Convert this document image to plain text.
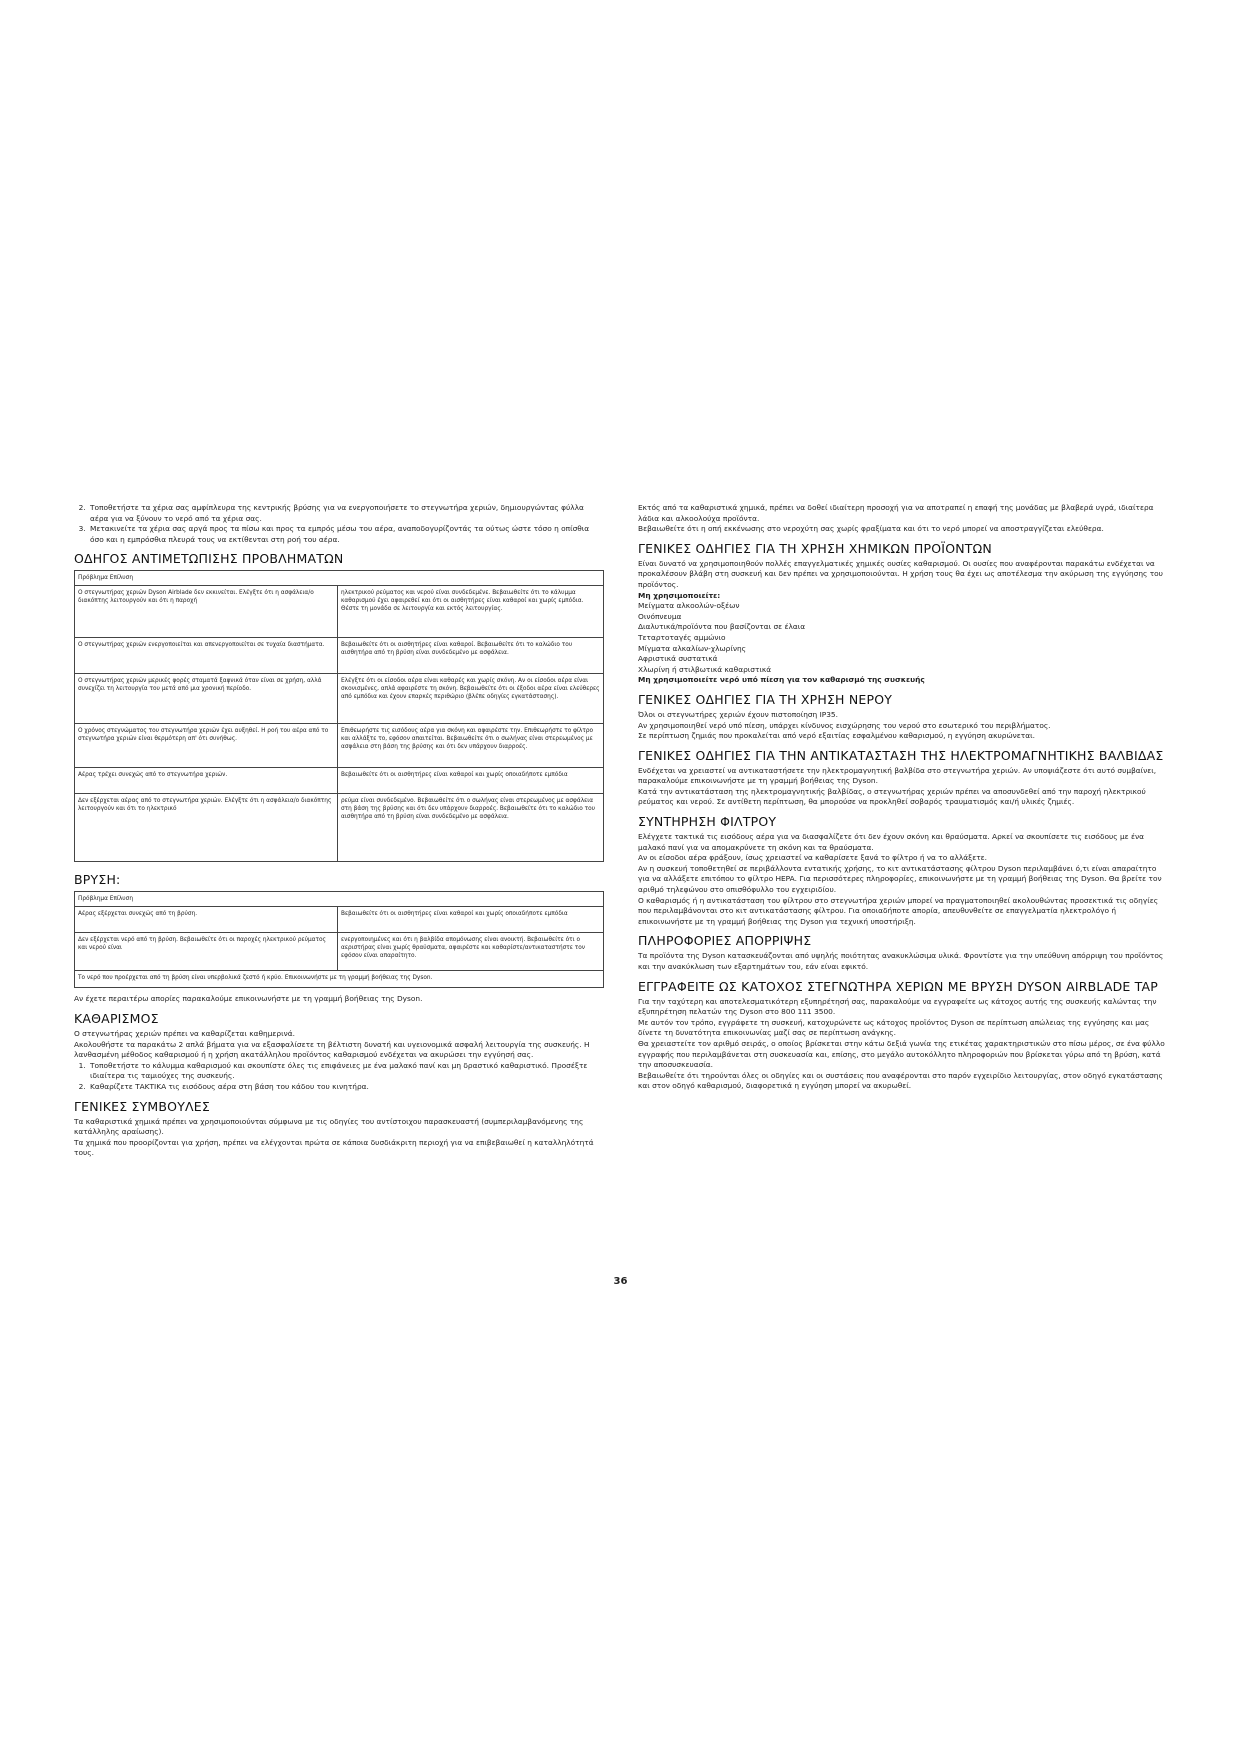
2. Τοποθετήστε τα χέρια σας αμφίπλευρα της κεντρικής βρύσης για να ενεργοποιήσετε το στεγνωτήρα χεριών, δημιουργώντας φύλλα αέρα για να ξύνουν το νερό από τα χέρια σας.
3. Μετακινείτε τα χέρια σας αργά προς τα πίσω και προς τα εμπρός μέσω του αέρα, αναποδογυρίζοντάς τα ούτως ώστε τόσο η οπίσθια όσο και η εμπρόσθια πλευρά τους να εκτίθενται στη ροή του αέρα.
ΟΔΗΓΟΣ ΑΝΤΙΜΕΤΩΠΙΣΗΣ ΠΡΟΒΛΗΜΑΤΩΝ
Πρόβλημα Επίλυση	
Ο στεγνωτήρας χεριών Dyson Airblade δεν εκκινείται. Ελέγξτε ότι η ασφάλεια/ο διακόπτης λειτουργούν και ότι η παροχή	ηλεκτρικού ρεύματος και νερού είναι συνδεδεμένε. Βεβαιωθείτε ότι το κάλυμμα καθαρισμού έχει αφαιρεθεί και ότι οι αισθητήρες είναι καθαροί και χωρίς εμπόδια. Θέστε τη μονάδα σε λειτουργία και εκτός λειτουργίας.
Ο στεγνωτήρας χεριών ενεργοποιείται και απενεργοποιείται σε τυχαία διαστήματα.	Βεβαιωθείτε ότι οι αισθητήρες είναι καθαροί. Βεβαιωθείτε ότι το καλώδιο του αισθητήρα από τη βρύση είναι συνδεδεμένο με ασφάλεια.
Ο στεγνωτήρας χεριών μερικές φορές σταματά ξαφνικά όταν είναι σε χρήση, αλλά συνεχίζει τη λειτουργία του μετά από μια χρονική περίοδο.	Ελέγξτε ότι οι είσοδοι αέρα είναι καθαρές και χωρίς σκόνη. Αν οι είσοδοι αέρα είναι σκονισμένες, απλά αφαιρέστε τη σκόνη. Βεβαιωθείτε ότι οι έξοδοι αέρα είναι ελεύθερες από εμπόδια και έχουν επαρκές περιθώριο (βλέπε οδηγίες εγκατάστασης).
Ο χρόνος στεγνώματος του στεγνωτήρα χεριών έχει αυξηθεί. Η ροή του αέρα από το στεγνωτήρα χεριών είναι θερμότερη απ' ότι συνήθως.	Επιθεωρήστε τις εισόδους αέρα για σκόνη και αφαιρέστε την. Επιθεωρήστε το φίλτρο και αλλάξτε το, εφόσον απαιτείται. Βεβαιωθείτε ότι ο σωλήνας είναι στερεωμένος με ασφάλεια στη βάση της βρύσης και ότι δεν υπάρχουν διαρροές.
Αέρας τρέχει συνεχώς από το στεγνωτήρα χεριών.	Βεβαιωθείτε ότι οι αισθητήρες είναι καθαροί και χωρίς οποιαδήποτε εμπόδια
Δεν εξέρχεται αέρας από το στεγνωτήρα χεριών. Ελέγξτε ότι η ασφάλεια/ο διακόπτης λειτουργούν και ότι το ηλεκτρικό	ρεύμα είναι συνδεδεμένο. Βεβαιωθείτε ότι ο σωλήνας είναι στερεωμένος με ασφάλεια στη βάση της βρύσης και ότι δεν υπάρχουν διαρροές. Βεβαιωθείτε ότι το καλώδιο του αισθητήρα από τη βρύση είναι συνδεδεμένο με ασφάλεια.
ΒΡΥΣΗ:
Πρόβλημα Επίλυση	
Αέρας εξέρχεται συνεχώς από τη βρύση.	Βεβαιωθείτε ότι οι αισθητήρες είναι καθαροί και χωρίς οποιαδήποτε εμπόδια
Δεν εξέρχεται νερό από τη βρύση. Βεβαιωθείτε ότι οι παροχές ηλεκτρικού ρεύματος και νερού είναι	ενεργοποιημένες και ότι η βαλβίδα απομόνωσης είναι ανοικτή. Βεβαιωθείτε ότι ο αεριστήρας είναι χωρίς θραύσματα, αφαιρέστε και καθαρίστε/αντικαταστήστε τον εφόσον είναι απαραίτητο.
Το νερό που προέρχεται από τη βρύση είναι υπερβολικά ζεστό ή κρύο. Επικοινωνήστε με τη γραμμή βοήθειας της Dyson.	

Αν έχετε περαιτέρω απορίες παρακαλούμε επικοινωνήστε με τη γραμμή βοήθειας της Dyson.

ΚΑΘΑΡΙΣΜΟΣ

Ο στεγνωτήρας χεριών πρέπει να καθαρίζεται καθημερινά.

Ακολουθήστε τα παρακάτω 2 απλά βήματα για να εξασφαλίσετε τη βέλτιστη δυνατή και υγειονομικά ασφαλή λειτουργία της συσκευής. Η λανθασμένη μέθοδος καθαρισμού ή η χρήση ακατάλληλου προϊόντος καθαρισμού ενδέχεται να ακυρώσει την εγγύησή σας.

1. Τοποθετήστε το κάλυμμα καθαρισμού και σκουπίστε όλες τις επιφάνειες με ένα μαλακό πανί και μη δραστικό καθαριστικό. Προσέξτε ιδιαίτερα τις ταμιούχες της συσκευής.
2. Καθαρίζετε ΤΑΚΤΙΚΑ τις εισόδους αέρα στη βάση του κάδου του κινητήρα.
ΓΕΝΙΚΕΣ ΣΥΜΒΟΥΛΕΣ

Τα καθαριστικά χημικά πρέπει να χρησιμοποιούνται σύμφωνα με τις οδηγίες του αντίστοιχου παρασκευαστή (συμπεριλαμβανόμενης της κατάλληλης αραίωσης).

Τα χημικά που προορίζονται για χρήση, πρέπει να ελέγχονται πρώτα σε κάποια δυσδιάκριτη περιοχή για να επιβεβαιωθεί η καταλληλότητά τους.

Εκτός από τα καθαριστικά χημικά, πρέπει να δοθεί ιδιαίτερη προσοχή για να αποτραπεί η επαφή της μονάδας με βλαβερά υγρά, ιδιαίτερα λάδια και αλκοολούχα προϊόντα.

Βεβαιωθείτε ότι η οπή εκκένωσης στο νεροχύτη σας χωρίς φραξίματα και ότι το νερό μπορεί να αποστραγγίζεται ελεύθερα.

ΓΕΝΙΚΕΣ ΟΔΗΓΙΕΣ ΓΙΑ ΤΗ ΧΡΗΣΗ ΧΗΜΙΚΩΝ ΠΡΟΪΟΝΤΩΝ

Είναι δυνατό να χρησιμοποιηθούν πολλές επαγγελματικές χημικές ουσίες καθαρισμού. Οι ουσίες που αναφέρονται παρακάτω ενδέχεται να προκαλέσουν βλάβη στη συσκευή και δεν πρέπει να χρησιμοποιούνται. Η χρήση τους θα έχει ως αποτέλεσμα την ακύρωση της εγγύησης του προϊόντος.

Μη χρησιμοποιείτε:

Μείγματα αλκοολών-οξέων
Οινόπνευμα
Διαλυτικά/προϊόντα που βασίζονται σε έλαια
Τεταρτοταγές αμμώνιο
Μίγματα αλκαλίων-χλωρίνης
Αφριστικά συστατικά
Χλωρίνη ή στιλβωτικά καθαριστικά

Μη χρησιμοποιείτε νερό υπό πίεση για τον καθαρισμό της συσκευής

ΓΕΝΙΚΕΣ ΟΔΗΓΙΕΣ ΓΙΑ ΤΗ ΧΡΗΣΗ ΝΕΡΟΥ

Όλοι οι στεγνωτήρες χεριών έχουν πιστοποίηση IP35.

Αν χρησιμοποιηθεί νερό υπό πίεση, υπάρχει κίνδυνος εισχώρησης του νερού στο εσωτερικό του περιβλήματος.

Σε περίπτωση ζημιάς που προκαλείται από νερό εξαιτίας εσφαλμένου καθαρισμού, η εγγύηση ακυρώνεται.

ΓΕΝΙΚΕΣ ΟΔΗΓΙΕΣ ΓΙΑ ΤΗΝ ΑΝΤΙΚΑΤΑΣΤΑΣΗ ΤΗΣ ΗΛΕΚΤΡΟΜΑΓΝΗΤΙΚΗΣ ΒΑΛΒΙΔΑΣ

Ενδέχεται να χρειαστεί να αντικαταστήσετε την ηλεκτρομαγνητική βαλβίδα στο στεγνωτήρα χεριών. Αν υποψιάζεστε ότι αυτό συμβαίνει, παρακαλούμε επικοινωνήστε με τη γραμμή βοήθειας της Dyson.

Κατά την αντικατάσταση της ηλεκτρομαγνητικής βαλβίδας, ο στεγνωτήρας χεριών πρέπει να αποσυνδεθεί από την παροχή ηλεκτρικού ρεύματος και νερού. Σε αντίθετη περίπτωση, θα μπορούσε να προκληθεί σοβαρός τραυματισμός και/ή υλικές ζημιές.

ΣΥΝΤΗΡΗΣΗ ΦΙΛΤΡΟΥ

Ελέγχετε τακτικά τις εισόδους αέρα για να διασφαλίζετε ότι δεν έχουν σκόνη και θραύσματα. Αρκεί να σκουπίσετε τις εισόδους με ένα μαλακό πανί για να απομακρύνετε τη σκόνη και τα θραύσματα.

Αν οι είσοδοι αέρα φράξουν, ίσως χρειαστεί να καθαρίσετε ξανά το φίλτρο ή να το αλλάξετε.

Αν η συσκευή τοποθετηθεί σε περιβάλλοντα εντατικής χρήσης, το κιτ αντικατάστασης φίλτρου Dyson περιλαμβάνει ό,τι είναι απαραίτητο για να αλλάξετε επιτόπου το φίλτρο HEPA. Για περισσότερες πληροφορίες, επικοινωνήστε με τη γραμμή βοήθειας της Dyson. Θα βρείτε τον αριθμό τηλεφώνου στο οπισθόφυλλο του εγχειριδίου.

Ο καθαρισμός ή η αντικατάσταση του φίλτρου στο στεγνωτήρα χεριών μπορεί να πραγματοποιηθεί ακολουθώντας προσεκτικά τις οδηγίες που περιλαμβάνονται στο κιτ αντικατάστασης φίλτρου. Για οποιαδήποτε απορία, απευθυνθείτε σε επαγγελματία ηλεκτρολόγο ή επικοινωνήστε με τη γραμμή βοήθειας της Dyson για τεχνική υποστήριξη.

ΠΛΗΡΟΦΟΡΙΕΣ ΑΠΟΡΡΙΨΗΣ

Τα προϊόντα της Dyson κατασκευάζονται από υψηλής ποιότητας ανακυκλώσιμα υλικά. Φροντίστε για την υπεύθυνη απόρριψη του προϊόντος και την ανακύκλωση των εξαρτημάτων του, εάν είναι εφικτό.

ΕΓΓΡΑΦΕΙΤΕ ΩΣ ΚΑΤΟΧΟΣ ΣΤΕΓΝΩΤΗΡΑ ΧΕΡΙΩΝ ΜΕ ΒΡΥΣΗ DYSON AIRBLADE TAP

Για την ταχύτερη και αποτελεσματικότερη εξυπηρέτησή σας, παρακαλούμε να εγγραφείτε ως κάτοχος αυτής της συσκευής καλώντας την εξυπηρέτηση πελατών της Dyson στο 800 111 3500.

Με αυτόν τον τρόπο, εγγράφετε τη συσκευή, κατοχυρώνετε ως κάτοχος προϊόντος Dyson σε περίπτωση απώλειας της εγγύησης και μας δίνετε τη δυνατότητα επικοινωνίας μαζί σας σε περίπτωση ανάγκης.

Θα χρειαστείτε τον αριθμό σειράς, ο οποίος βρίσκεται στην κάτω δεξιά γωνία της ετικέτας χαρακτηριστικών στο πίσω μέρος, σε ένα φύλλο εγγραφής που περιλαμβάνεται στη συσκευασία και, επίσης, στο μεγάλο αυτοκόλλητο πληροφοριών που βρίσκεται γύρω από τη βρύση, κατά την αποσυσκευασία.

Βεβαιωθείτε ότι τηρούνται όλες οι οδηγίες και οι συστάσεις που αναφέρονται στο παρόν εγχειρίδιο λειτουργίας, στον οδηγό εγκατάστασης και στον οδηγό καθαρισμού, διαφορετικά η εγγύηση μπορεί να ακυρωθεί.

36
